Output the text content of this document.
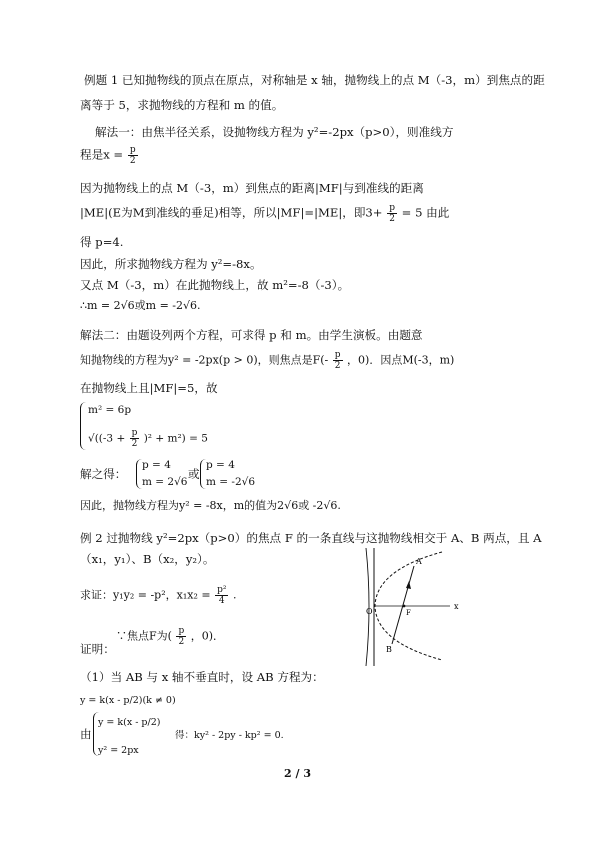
例题 1 已知抛物线的顶点在原点，对称轴是 x 轴，抛物线上的点 M（-3，m）到焦点的距
离等于 5，求抛物线的方程和 m 的值。
解法一：由焦半径关系，设抛物线方程为 y²=-2px（p>0），则准线方
程是$x = \frac{p}{2}$
因为抛物线上的点 M（-3，m）到焦点的距离|MF|与到准线的距离
|ME|(E为M到准线的垂足)相等，所以|MF|=|ME|，即$3+ \frac{p}{2} = 5$ 由此
得 p=4.
因此，所求抛物线方程为 y²=-8x。
又点 M（-3，m）在此抛物线上，故 m²=-8（-3）。
∴m = 2√6或m = -2√6.
解法二：由题设列两个方程，可求得 p 和 m。由学生演板。由题意
知抛物线的方程为y² = -2px(p > 0)，则焦点是$F(- \frac{p}{2}$ ，0)．因点M(-3，m)
在抛物线上且|MF|=5，故
m² = 6p
$√((-3 + \frac{p}{2} )^2 + m^2) = 5$
解之得：
p = 4
m = 2√6
或
p = 4
m = -2√6
因此，抛物线方程为y² = -8x，m的值为2√6或 -2√6.
例 2 过抛物线 y²=2px（p>0）的焦点 F 的一条直线与这抛物线相交于 A、B 两点，且 A
（x₁，y₁）、B（x₂，y₂）。
求证：y₁y₂ = -p²，$x_1x_2 = \frac{\text{p²}}{4}$ .
∵焦点F为( $\frac{p}{2}$ ，0)．
证明：
（1）当 AB 与 x 轴不垂直时，设 AB 方程为：
y = k(x - p/2)(k ≠ 0)
由
y = k(x - p/2)
得：ky² - 2py - kp² = 0.
y² = 2px
A
B
F
O
x
2 / 3
